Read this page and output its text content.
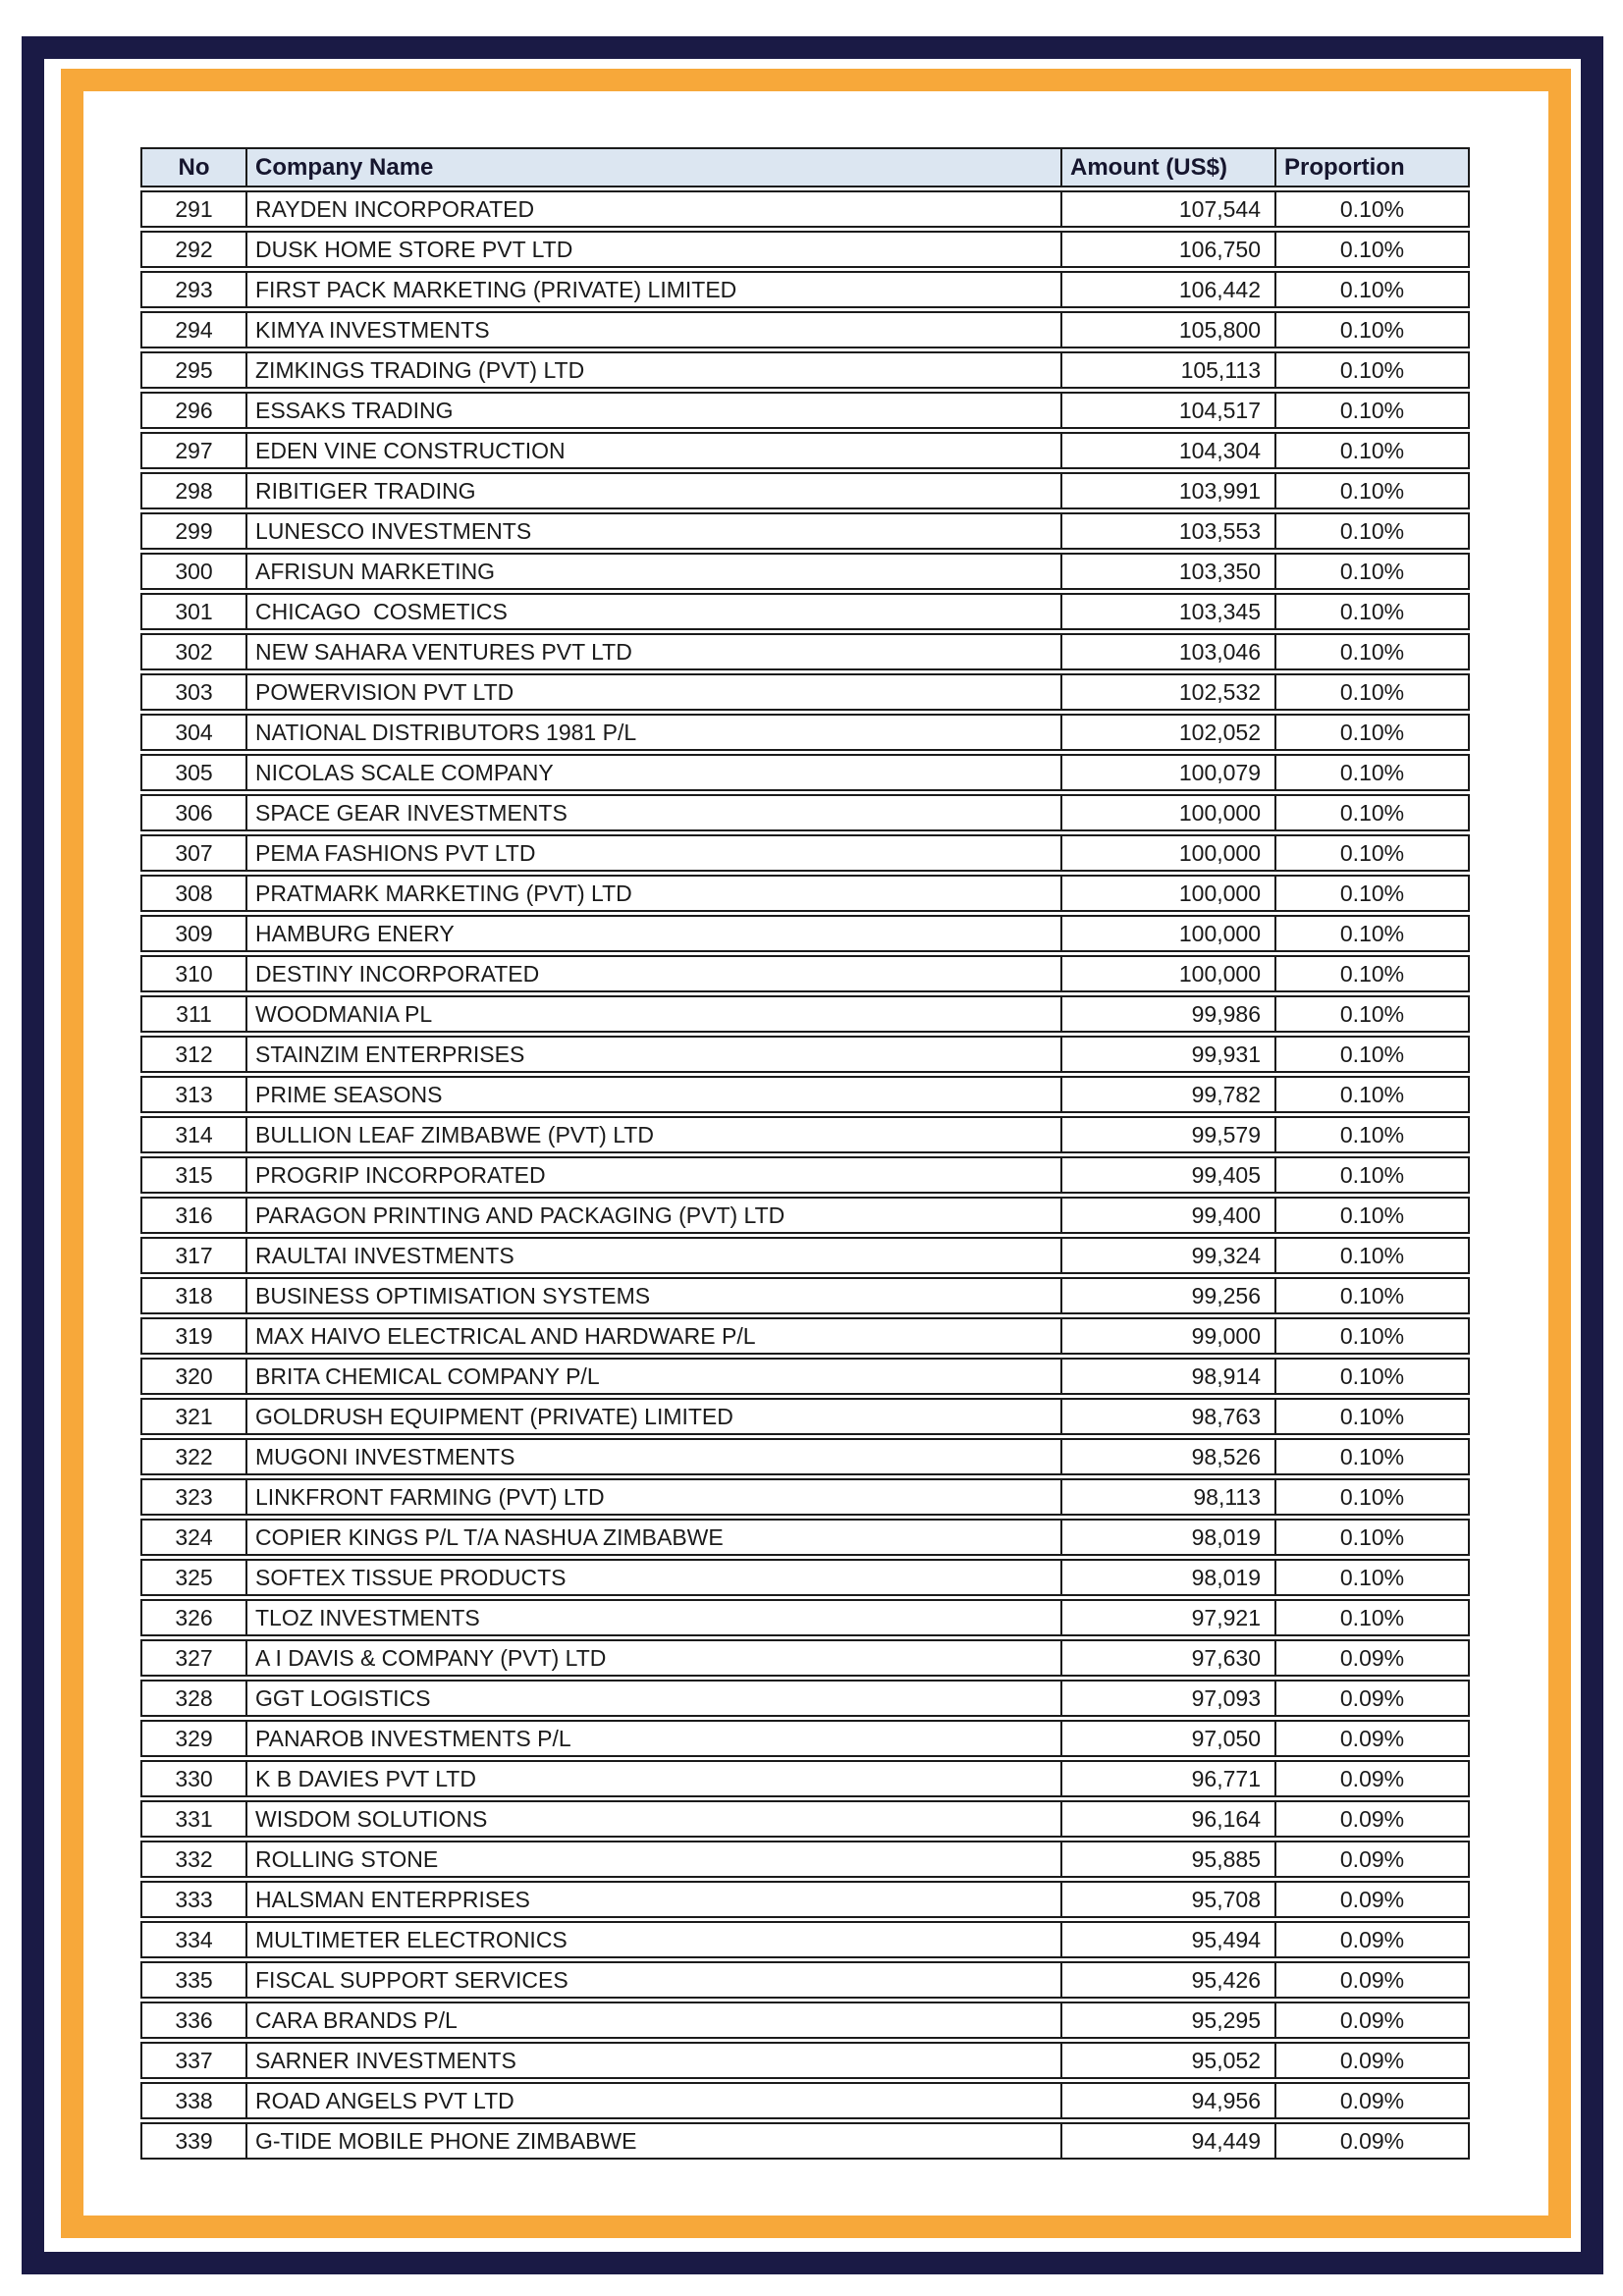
No	Company Name	Amount (US$)	Proportion
291	RAYDEN INCORPORATED	107,544	0.10%
292	DUSK HOME STORE PVT LTD	106,750	0.10%
293	FIRST PACK MARKETING (PRIVATE) LIMITED	106,442	0.10%
294	KIMYA INVESTMENTS	105,800	0.10%
295	ZIMKINGS TRADING (PVT) LTD	105,113	0.10%
296	ESSAKS TRADING	104,517	0.10%
297	EDEN VINE CONSTRUCTION	104,304	0.10%
298	RIBITIGER TRADING	103,991	0.10%
299	LUNESCO INVESTMENTS	103,553	0.10%
300	AFRISUN MARKETING	103,350	0.10%
301	CHICAGO  COSMETICS	103,345	0.10%
302	NEW SAHARA VENTURES PVT LTD	103,046	0.10%
303	POWERVISION PVT LTD	102,532	0.10%
304	NATIONAL DISTRIBUTORS 1981 P/L	102,052	0.10%
305	NICOLAS SCALE COMPANY	100,079	0.10%
306	SPACE GEAR INVESTMENTS	100,000	0.10%
307	PEMA FASHIONS PVT LTD	100,000	0.10%
308	PRATMARK MARKETING (PVT) LTD	100,000	0.10%
309	HAMBURG ENERY	100,000	0.10%
310	DESTINY INCORPORATED	100,000	0.10%
311	WOODMANIA PL	99,986	0.10%
312	STAINZIM ENTERPRISES	99,931	0.10%
313	PRIME SEASONS	99,782	0.10%
314	BULLION LEAF ZIMBABWE (PVT) LTD	99,579	0.10%
315	PROGRIP INCORPORATED	99,405	0.10%
316	PARAGON PRINTING AND PACKAGING (PVT) LTD	99,400	0.10%
317	RAULTAI INVESTMENTS	99,324	0.10%
318	BUSINESS OPTIMISATION SYSTEMS	99,256	0.10%
319	MAX HAIVO ELECTRICAL AND HARDWARE P/L	99,000	0.10%
320	BRITA CHEMICAL COMPANY P/L	98,914	0.10%
321	GOLDRUSH EQUIPMENT (PRIVATE) LIMITED	98,763	0.10%
322	MUGONI INVESTMENTS	98,526	0.10%
323	LINKFRONT FARMING (PVT) LTD	98,113	0.10%
324	COPIER KINGS P/L T/A NASHUA ZIMBABWE	98,019	0.10%
325	SOFTEX TISSUE PRODUCTS	98,019	0.10%
326	TLOZ INVESTMENTS	97,921	0.10%
327	A I DAVIS & COMPANY (PVT) LTD	97,630	0.09%
328	GGT LOGISTICS	97,093	0.09%
329	PANAROB INVESTMENTS P/L	97,050	0.09%
330	K B DAVIES PVT LTD	96,771	0.09%
331	WISDOM SOLUTIONS	96,164	0.09%
332	ROLLING STONE	95,885	0.09%
333	HALSMAN ENTERPRISES	95,708	0.09%
334	MULTIMETER ELECTRONICS	95,494	0.09%
335	FISCAL SUPPORT SERVICES	95,426	0.09%
336	CARA BRANDS P/L	95,295	0.09%
337	SARNER INVESTMENTS	95,052	0.09%
338	ROAD ANGELS PVT LTD	94,956	0.09%
339	G-TIDE MOBILE PHONE ZIMBABWE	94,449	0.09%
